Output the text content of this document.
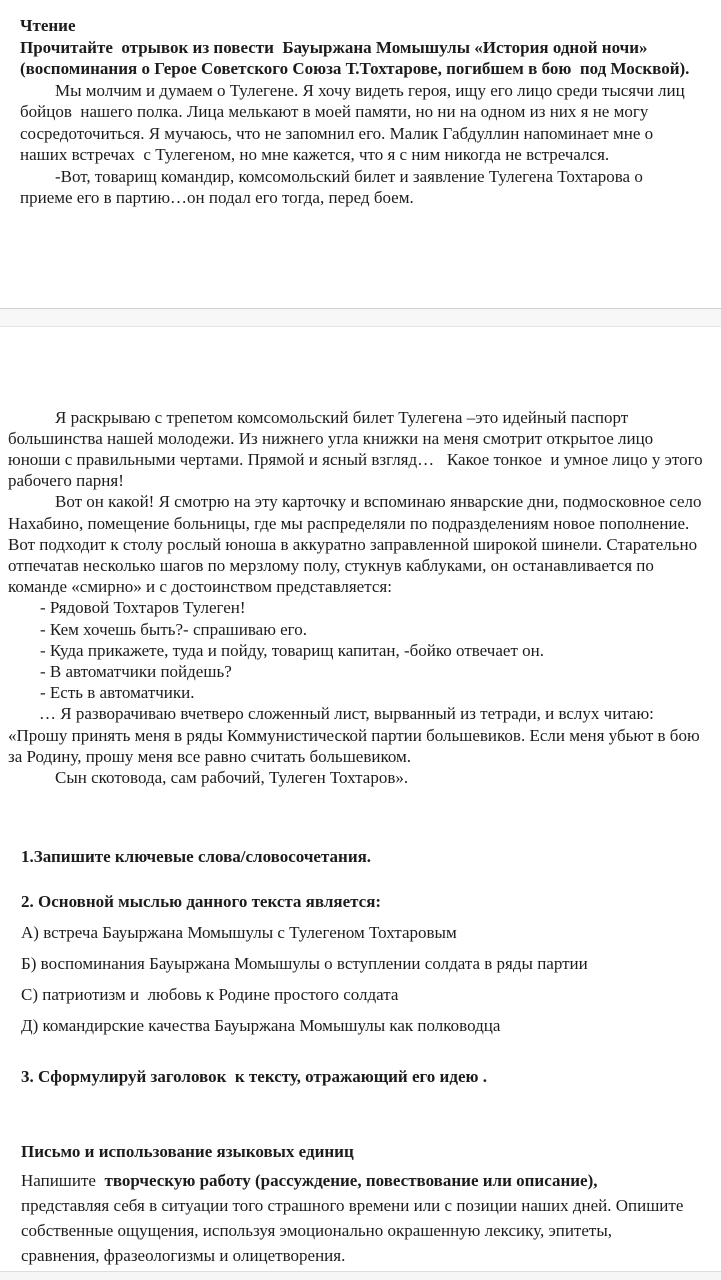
Чтение

Прочитайте  отрывок из повести  Бауыржана Момышулы «История одной ночи» (воспоминания о Герое Советского Союза Т.Тохтарове, погибшем в бою  под Москвой).

Мы молчим и думаем о Тулегене. Я хочу видеть героя, ищу его лицо среди тысячи лиц бойцов  нашего полка. Лица мелькают в моей памяти, но ни на одном из них я не могу сосредоточиться. Я мучаюсь, что не запомнил его. Малик Габдуллин напоминает мне о наших встречах  с Тулегеном, но мне кажется, что я с ним никогда не встречался.

-Вот, товарищ командир, комсомольский билет и заявление Тулегена Тохтарова о приеме его в партию…он подал его тогда, перед боем.

Я раскрываю с трепетом комсомольский билет Тулегена –это идейный паспорт большинства нашей молодежи. Из нижнего угла книжки на меня смотрит открытое лицо юноши с правильными чертами. Прямой и ясный взгляд…   Какое тонкое  и умное лицо у этого рабочего парня!

Вот он какой! Я смотрю на эту карточку и вспоминаю январские дни, подмосковное село Нахабино, помещение больницы, где мы распределяли по подразделениям новое пополнение. Вот подходит к столу рослый юноша в аккуратно заправленной широкой шинели. Старательно отпечатав несколько шагов по мерзлому полу, стукнув каблуками, он останавливается по команде «смирно» и с достоинством представляется:

- Рядовой Тохтаров Тулеген!

- Кем хочешь быть?- спрашиваю его.

- Куда прикажете, туда и пойду, товарищ капитан, -бойко отвечает он.

- В автоматчики пойдешь?

- Есть в автоматчики.

… Я разворачиваю вчетверо сложенный лист, вырванный из тетради, и вслух читаю: «Прошу принять меня в ряды Коммунистической партии большевиков. Если меня убьют в бою за Родину, прошу меня все равно считать большевиком.

Сын скотовода, сам рабочий, Тулеген Тохтаров».

1.Запишите ключевые слова/словосочетания.

2. Основной мыслью данного текста является:

А) встреча Бауыржана Момышулы с Тулегеном Тохтаровым

Б) воспоминания Бауыржана Момышулы о вступлении солдата в ряды партии

С) патриотизм и  любовь к Родине простого солдата

Д) командирские качества Бауыржана Момышулы как полководца

3. Сформулируй заголовок  к тексту, отражающий его идею .

Письмо и использование языковых единиц

Напишите  творческую работу (рассуждение, повествование или описание), представляя себя в ситуации того страшного времени или с позиции наших дней. Опишите  собственные ощущения, используя эмоционально окрашенную лексику, эпитеты, сравнения, фразеологизмы и олицетворения.
